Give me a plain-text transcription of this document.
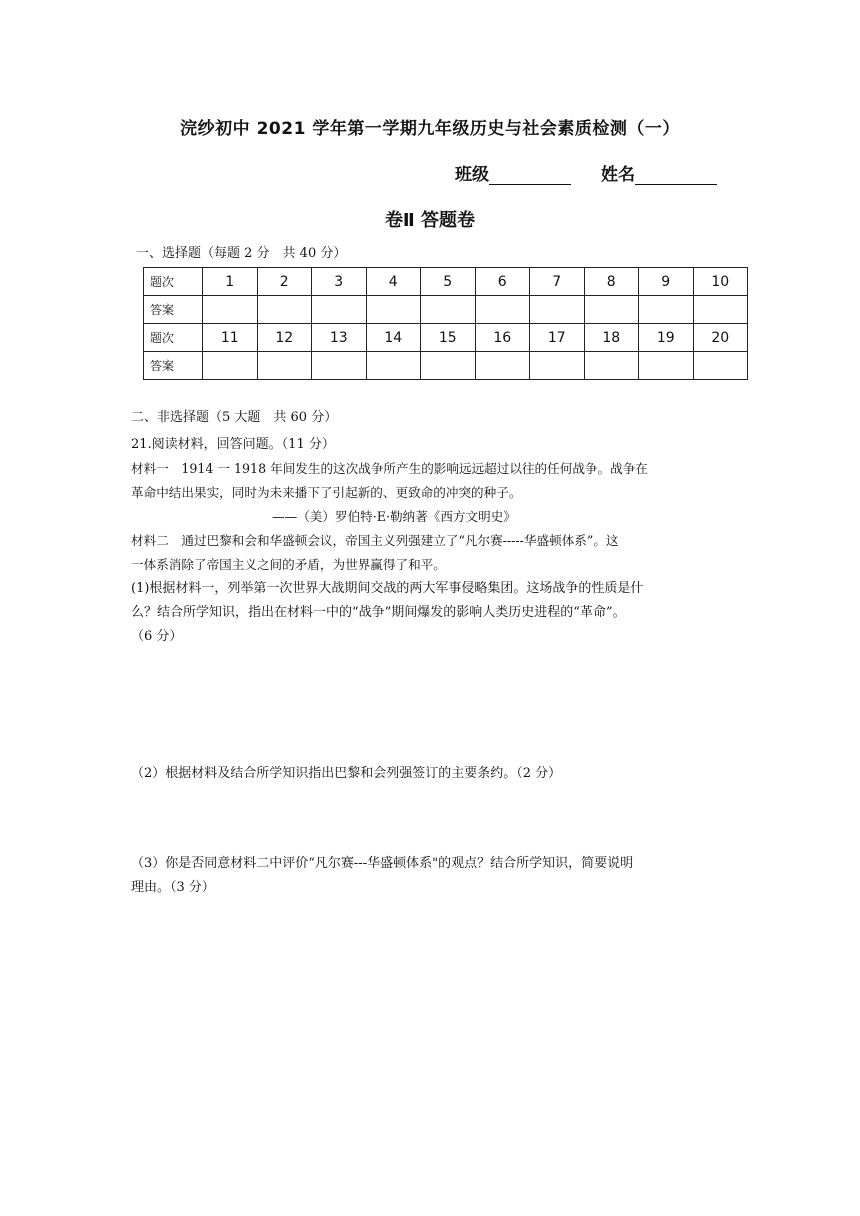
浣纱初中 2021 学年第一学期九年级历史与社会素质检测（一）
班级	姓名
卷Ⅱ 答题卷
一、选择题（每题 2 分　共 40 分）
题次	1	2	3	4	5	6	7	8	9	10
答案										
题次	11	12	13	14	15	16	17	18	19	20
答案										
二、非选择题（5 大题　共 60 分）
21.阅读材料，回答问题。（11 分）
材料一　1914 一 1918 年间发生的这次战争所产生的影响远远超过以往的任何战争。战争在
革命中结出果实，同时为未来播下了引起新的、更致命的冲突的种子。
——（美）罗伯特·E·勒纳著《西方文明史》
材料二　通过巴黎和会和华盛顿会议，帝国主义列强建立了“凡尔赛-----华盛顿体系”。这
一体系消除了帝国主义之间的矛盾，为世界赢得了和平。
(1)根据材料一，列举第一次世界大战期间交战的两大军事侵略集团。这场战争的性质是什
么？结合所学知识，指出在材料一中的“战争”期间爆发的影响人类历史进程的“革命”。
（6 分）
（2）根据材料及结合所学知识指出巴黎和会列强签订的主要条约。（2 分）
（3）你是否同意材料二中评价“凡尔赛---华盛顿体系"的观点？结合所学知识，简要说明
理由。（3 分）
